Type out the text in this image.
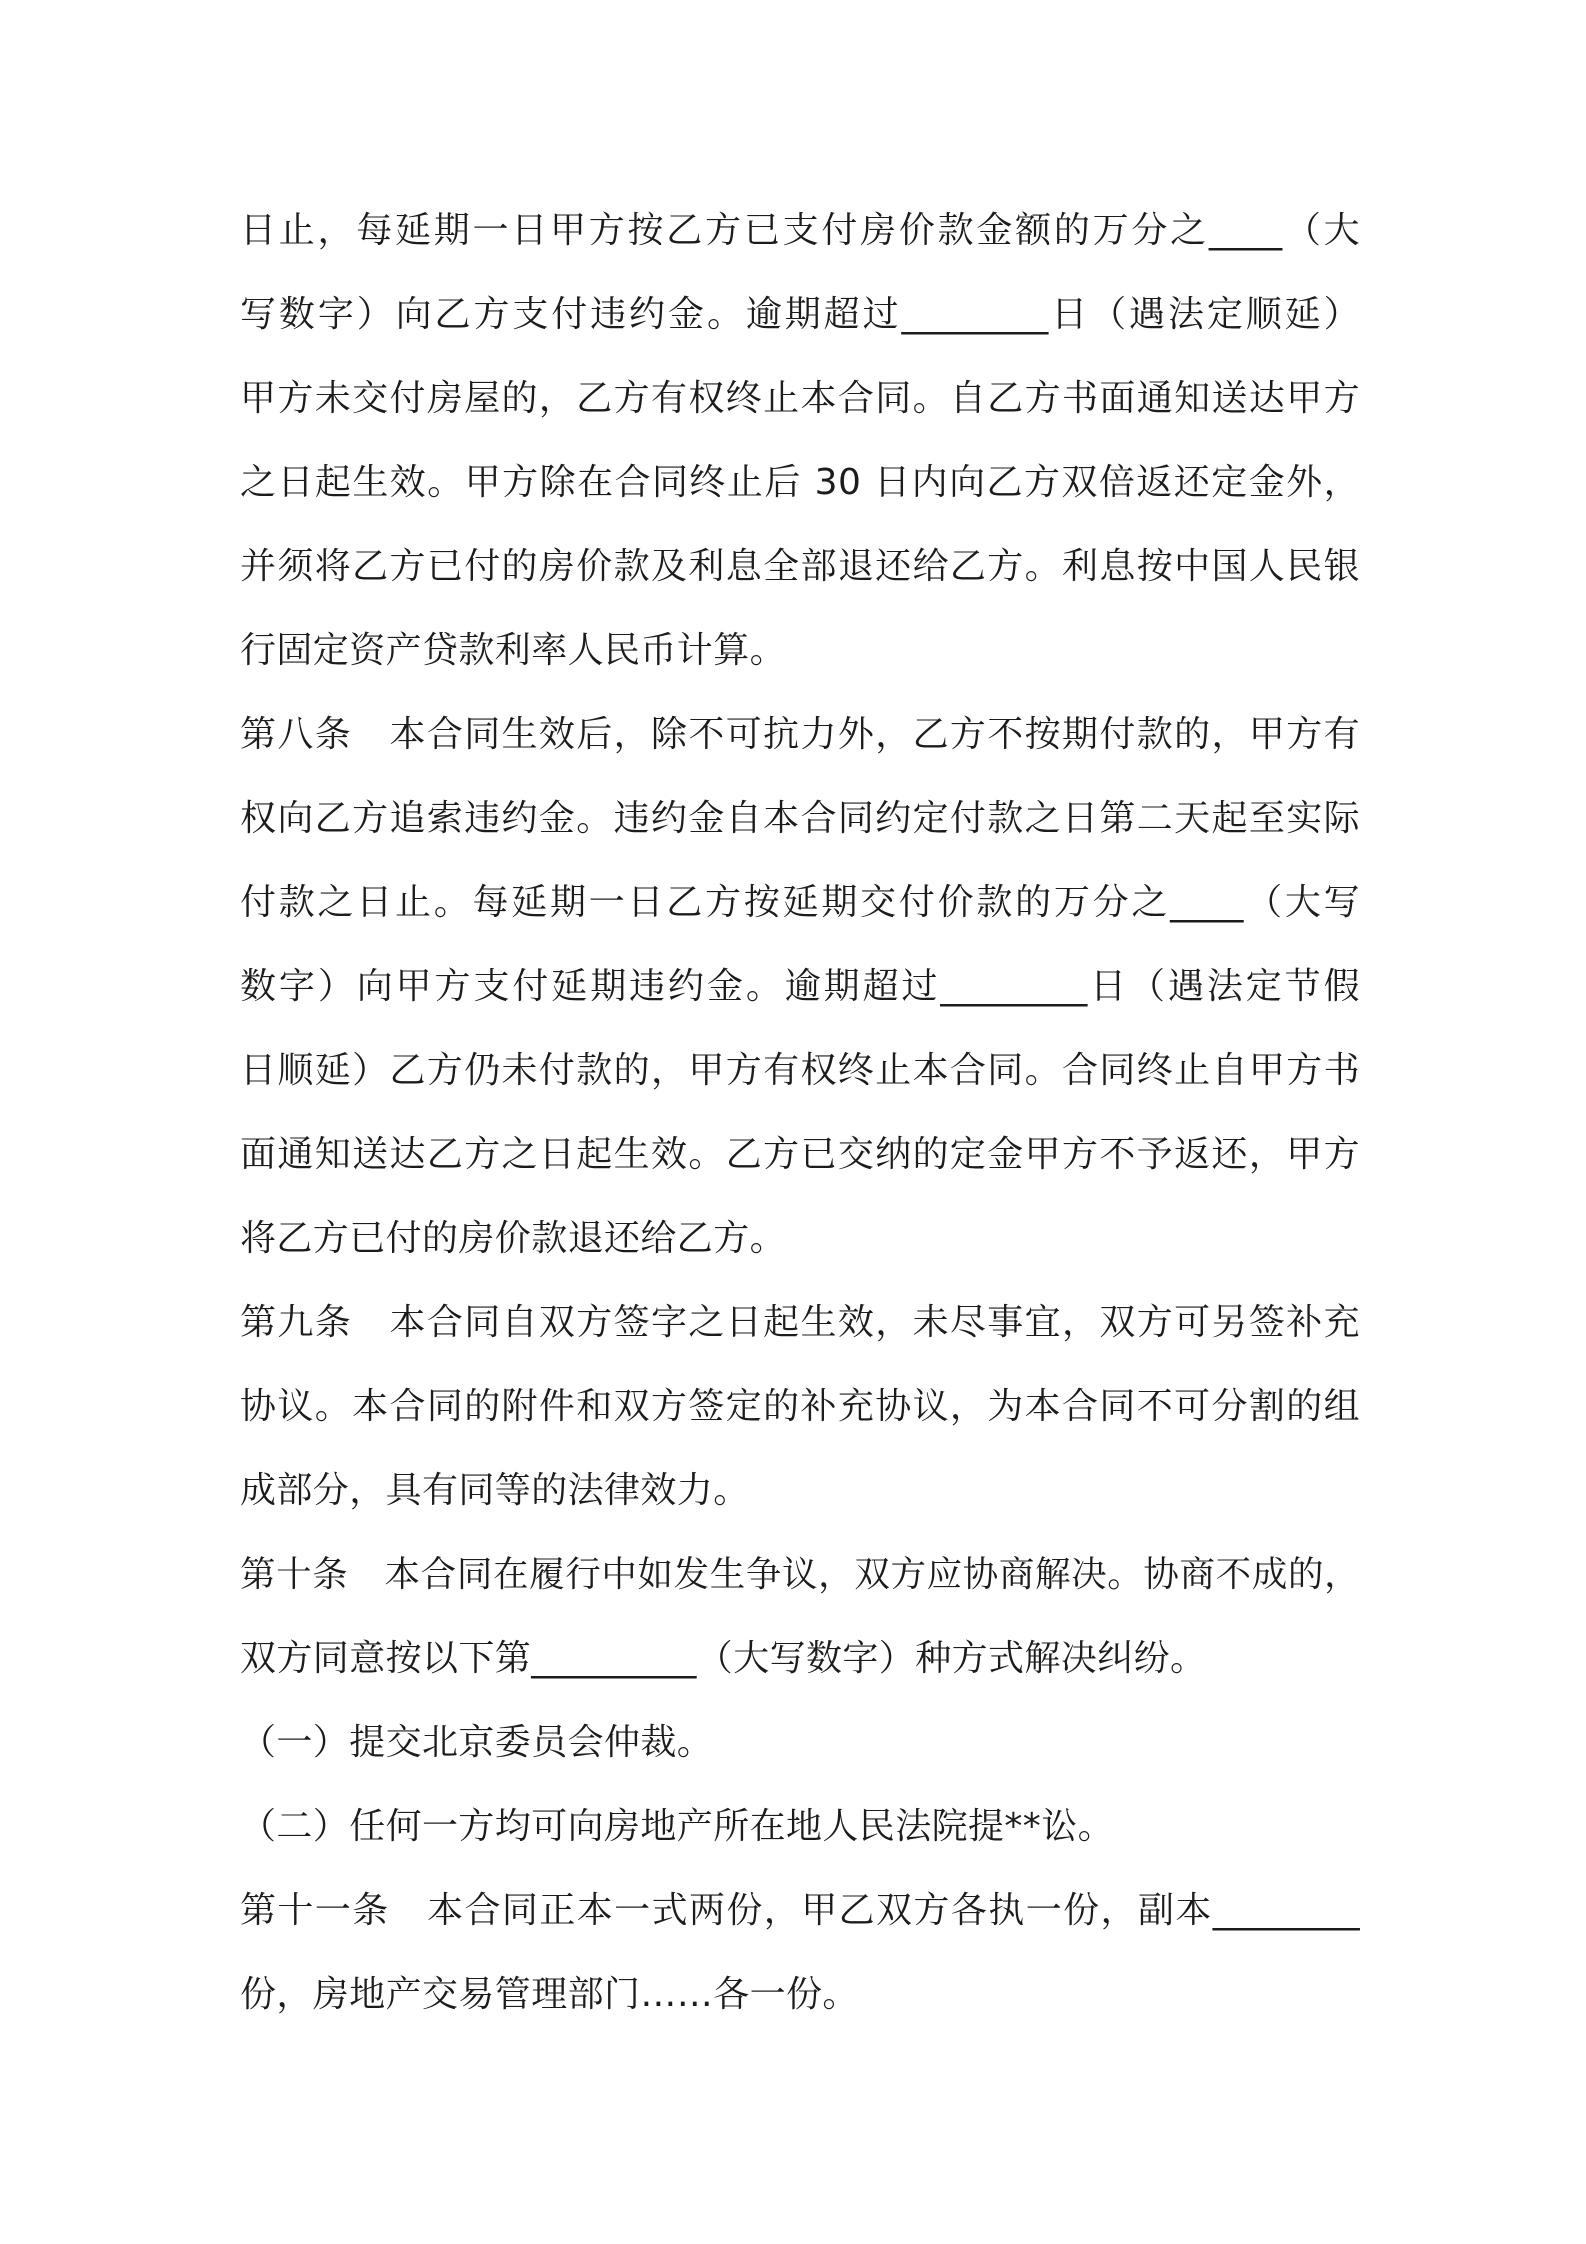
日止，每延期一日甲方按乙方已支付房价款金额的万分之____（大
写数字）向乙方支付违约金。逾期超过________日（遇法定顺延）
甲方未交付房屋的，乙方有权终止本合同。自乙方书面通知送达甲方
之日起生效。甲方除在合同终止后 30 日内向乙方双倍返还定金外，
并须将乙方已付的房价款及利息全部退还给乙方。利息按中国人民银
行固定资产贷款利率人民币计算。
第八条　本合同生效后，除不可抗力外，乙方不按期付款的，甲方有
权向乙方追索违约金。违约金自本合同约定付款之日第二天起至实际
付款之日止。每延期一日乙方按延期交付价款的万分之____（大写
数字）向甲方支付延期违约金。逾期超过________日（遇法定节假
日顺延）乙方仍未付款的，甲方有权终止本合同。合同终止自甲方书
面通知送达乙方之日起生效。乙方已交纳的定金甲方不予返还，甲方
将乙方已付的房价款退还给乙方。
第九条　本合同自双方签字之日起生效，未尽事宜，双方可另签补充
协议。本合同的附件和双方签定的补充协议，为本合同不可分割的组
成部分，具有同等的法律效力。
第十条　本合同在履行中如发生争议，双方应协商解决。协商不成的，
双方同意按以下第_________（大写数字）种方式解决纠纷。
（一）提交北京委员会仲裁。
（二）任何一方均可向房地产所在地人民法院提**讼。
第十一条　本合同正本一式两份，甲乙双方各执一份，副本________
份，房地产交易管理部门……各一份。
